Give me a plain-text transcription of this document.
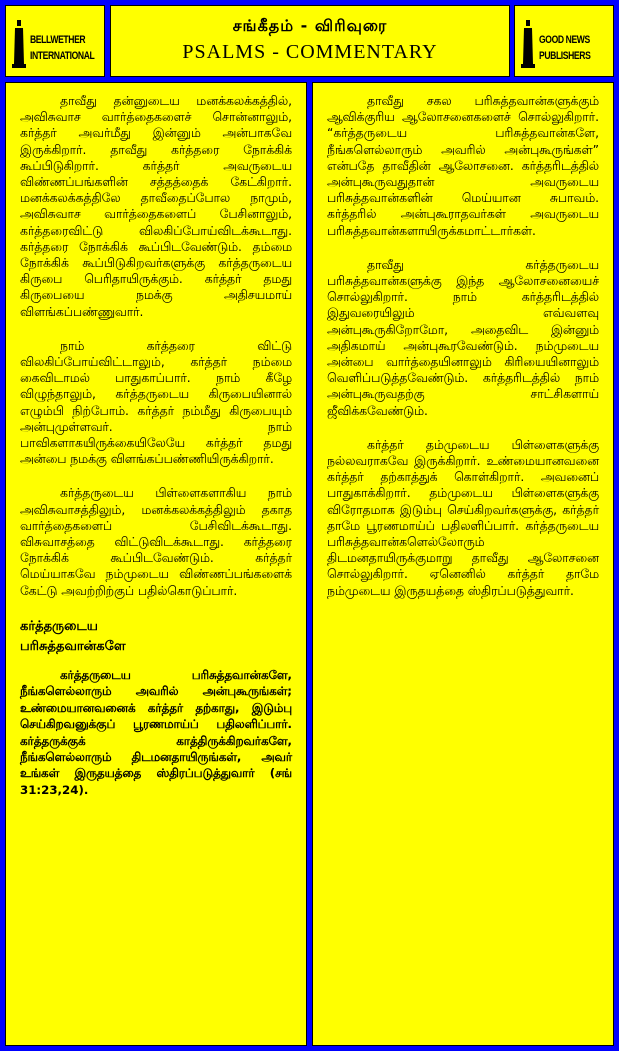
BELLWETHER
INTERNATIONAL
சங்கீதம் - விரிவுரை
PSALMS - COMMENTARY
GOOD NEWS
PUBLISHERS

தாவீது தன்னுடைய மனக்கலக்கத்தில், அவிசுவாச வார்த்தைகளைச் சொன்னாலும், கர்த்தர் அவர்மீது இன்னும் அன்பாகவே இருக்கிறார். தாவீது கர்த்தரை நோக்கிக் கூப்பிடுகிறார். கர்த்தர் அவருடைய விண்ணப்பங்களின் சத்தத்தைக் கேட்கிறார். மனக்கலக்கத்திலே தாவீதைப்போல நாமும், அவிசுவாச வார்த்தைகளைப் பேசினாலும், கர்த்தரைவிட்டு விலகிப்போய்விடக்கூடாது. கர்த்தரை நோக்கிக் கூப்பிடவேண்டும். தம்மை நோக்கிக் கூப்பிடுகிறவர்களுக்கு கர்த்தருடைய கிருபை பெரிதாயிருக்கும். கர்த்தர் தமது கிருபையை நமக்கு அதிசயமாய் விளங்கப்பண்ணுவார்.

நாம் கர்த்தரை விட்டு விலகிப்போய்விட்டாலும், கர்த்தர் நம்மை கைவிடாமல் பாதுகாப்பார். நாம் கீழே விழுந்தாலும், கர்த்தருடைய கிருபையினால் எழும்பி நிற்போம். கர்த்தர் நம்மீது கிருபையும் அன்புமுள்ளவர். நாம் பாவிகளாகயிருக்கையிலேயே கர்த்தர் தமது அன்பை நமக்கு விளங்கப்பண்ணியிருக்கிறார்.

கர்த்தருடைய பிள்ளைகளாகிய நாம் அவிசுவாசத்திலும், மனக்கலக்கத்திலும் தகாத வார்த்தைகளைப் பேசிவிடக்கூடாது. விசுவாசத்தை விட்டுவிடக்கூடாது. கர்த்தரை நோக்கிக் கூப்பிடவேண்டும். கர்த்தர் மெய்யாகவே நம்முடைய விண்ணப்பங்களைக் கேட்டு அவற்றிற்குப் பதில்கொடுப்பார்.

கர்த்தருடைய
பரிசுத்தவான்களே

கர்த்தருடைய பரிசுத்தவான்களே, நீங்களெல்லாரும் அவரில் அன்புகூருங்கள்; உண்மையானவனைக் கர்த்தர் தற்காது, இடும்பு செய்கிறவனுக்குப் பூரணமாய்ப் பதிலளிப்பார். கர்த்தருக்குக் காத்திருக்கிறவர்களே, நீங்களெல்லாரும் திடமனதாயிருங்கள், அவர் உங்கள் இருதயத்தை ஸ்திரப்படுத்துவார் (சங் 31:23,24).

தாவீது சகல பரிசுத்தவான்களுக்கும் ஆவிக்குரிய ஆலோசனைகளைச் சொல்லுகிறார். “கர்த்தருடைய பரிசுத்தவான்களே, நீங்களெல்லாரும் அவரில் அன்புகூருங்கள்” என்பதே தாவீதின் ஆலோசனை. கர்த்தரிடத்தில் அன்புகூருவதுதான் அவருடைய பரிசுத்தவான்களின் மெய்யான சுபாவம். கர்த்தரில் அன்புகூராதவர்கள் அவருடைய பரிசுத்தவான்களாயிருக்கமாட்டார்கள்.

தாவீது கர்த்தருடைய பரிசுத்தவான்களுக்கு இந்த ஆலோசனையைச் சொல்லுகிறார். நாம் கர்த்தரிடத்தில் இதுவரையிலும் எவ்வளவு அன்புகூருகிறோமோ, அதைவிட இன்னும் அதிகமாய் அன்புகூரவேண்டும். நம்முடைய அன்பை வார்த்தையினாலும் கிரியையினாலும் வெளிப்படுத்தவேண்டும். கர்த்தரிடத்தில் நாம் அன்புகூருவதற்கு சாட்சிகளாய் ஜீவிக்கவேண்டும்.

கர்த்தர் தம்முடைய பிள்ளைகளுக்கு நல்லவராகவே இருக்கிறார். உண்மையானவனை கர்த்தர் தற்காத்துக் கொள்கிறார். அவனைப் பாதுகாக்கிறார். தம்முடைய பிள்ளைகளுக்கு விரோதமாக இடும்பு செய்கிறவர்களுக்கு, கர்த்தர் தாமே பூரணமாய்ப் பதிலளிப்பார். கர்த்தருடைய பரிசுத்தவான்களெல்லோரும் திடமனதாயிருக்குமாறு தாவீது ஆலோசனை சொல்லுகிறார். ஏனெனில் கர்த்தர் தாமே நம்முடைய இருதயத்தை ஸ்திரப்படுத்துவார்.
